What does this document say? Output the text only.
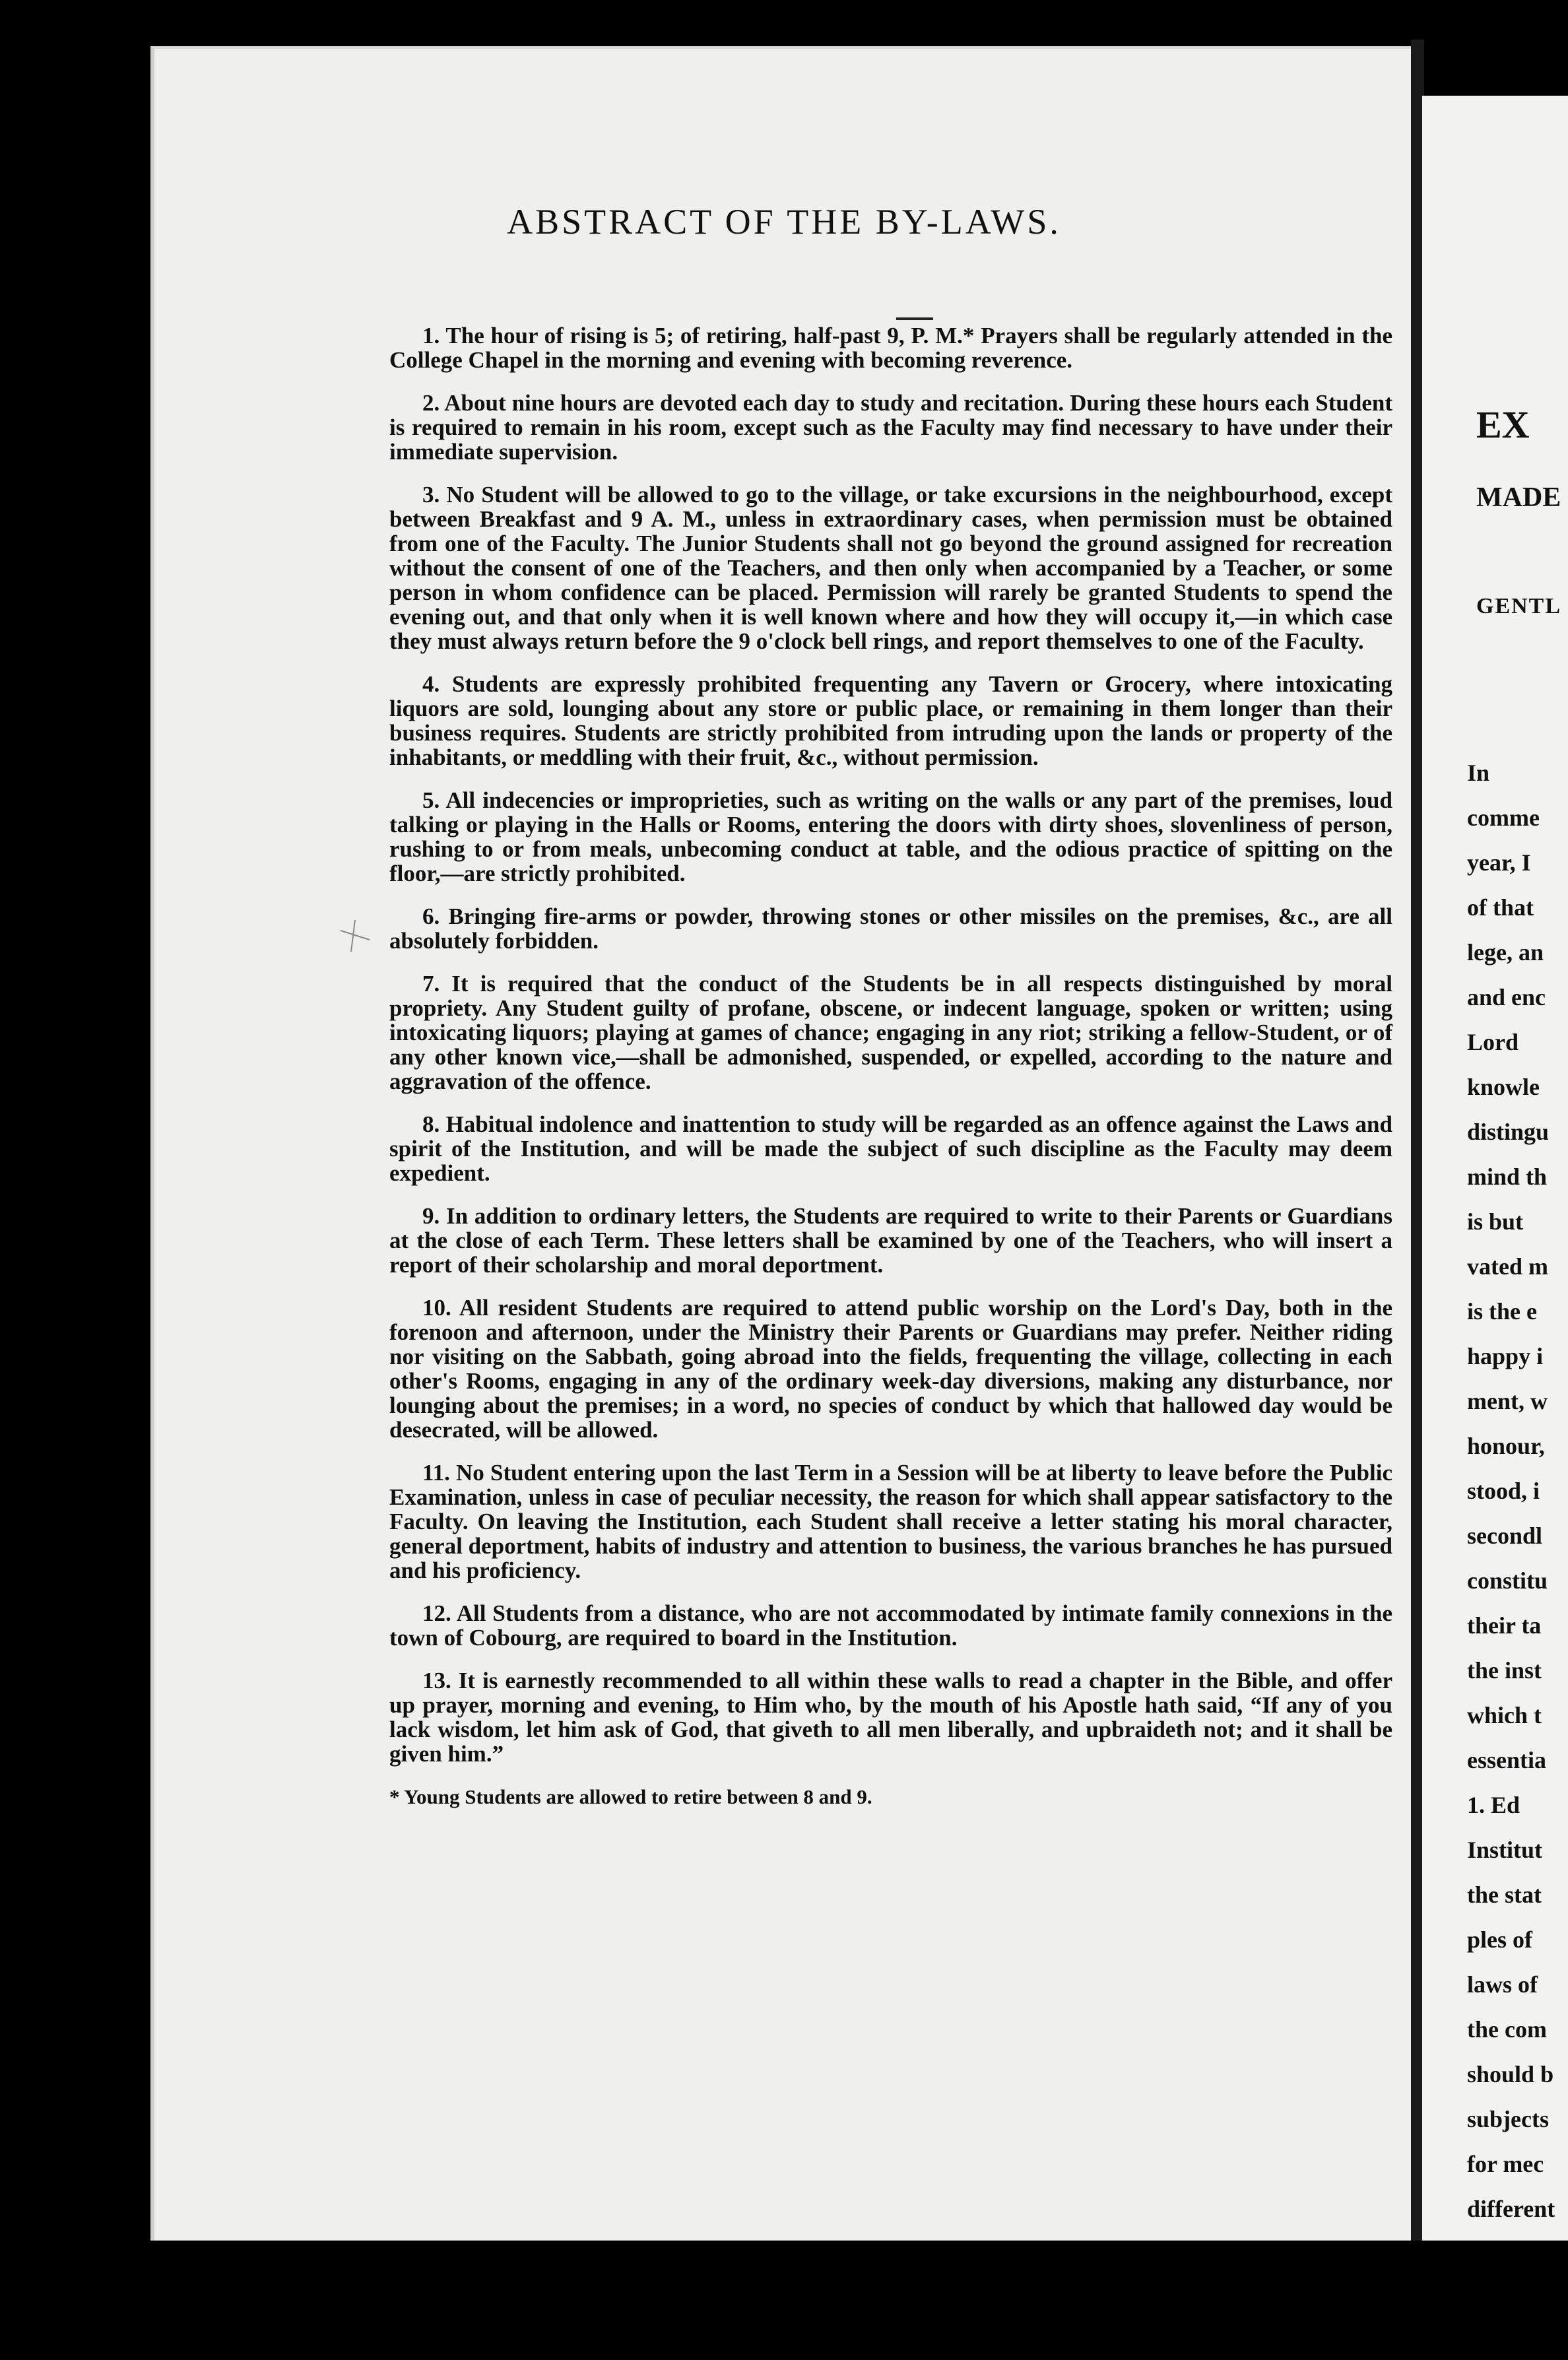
EX
MADE
GENTL
In
comme
year, I
of that
lege, an
and enc
Lord
knowle
distingu
mind th
is but
vated m
is the e
happy i
ment, w
honour,
stood, i
secondl
constitu
their ta
the inst
which t
essentia
1. Ed
Institut
the stat
ples of
laws of
the com
should b
subjects
for mec
different
ABSTRACT OF THE BY-LAWS.

1. The hour of rising is 5; of retiring, half-past 9, P. M.* Prayers shall be regularly attended in the College Chapel in the morning and evening with becoming reverence.

2. About nine hours are devoted each day to study and recitation. During these hours each Student is required to remain in his room, except such as the Faculty may find necessary to have under their immediate supervision.

3. No Student will be allowed to go to the village, or take excursions in the neighbourhood, except between Breakfast and 9 A. M., unless in extraordinary cases, when permission must be obtained from one of the Faculty. The Junior Students shall not go beyond the ground assigned for recreation without the consent of one of the Teachers, and then only when accompanied by a Teacher, or some person in whom confidence can be placed. Permission will rarely be granted Students to spend the evening out, and that only when it is well known where and how they will occupy it,—in which case they must always return before the 9 o'clock bell rings, and report themselves to one of the Faculty.

4. Students are expressly prohibited frequenting any Tavern or Grocery, where intoxicating liquors are sold, lounging about any store or public place, or remaining in them longer than their business requires. Students are strictly prohibited from intruding upon the lands or property of the inhabitants, or meddling with their fruit, &c., without permission.

5. All indecencies or improprieties, such as writing on the walls or any part of the premises, loud talking or playing in the Halls or Rooms, entering the doors with dirty shoes, slovenliness of person, rushing to or from meals, unbecoming conduct at table, and the odious practice of spitting on the floor,—are strictly prohibited.

6. Bringing fire-arms or powder, throwing stones or other missiles on the premises, &c., are all absolutely forbidden.

7. It is required that the conduct of the Students be in all respects distinguished by moral propriety. Any Student guilty of profane, obscene, or indecent language, spoken or written; using intoxicating liquors; playing at games of chance; engaging in any riot; striking a fellow-Student, or of any other known vice,—shall be admonished, suspended, or expelled, according to the nature and aggravation of the offence.

8. Habitual indolence and inattention to study will be regarded as an offence against the Laws and spirit of the Institution, and will be made the subject of such discipline as the Faculty may deem expedient.

9. In addition to ordinary letters, the Students are required to write to their Parents or Guardians at the close of each Term. These letters shall be examined by one of the Teachers, who will insert a report of their scholarship and moral deportment.

10. All resident Students are required to attend public worship on the Lord's Day, both in the forenoon and afternoon, under the Ministry their Parents or Guardians may prefer. Neither riding nor visiting on the Sabbath, going abroad into the fields, frequenting the village, collecting in each other's Rooms, engaging in any of the ordinary week-day diversions, making any disturbance, nor lounging about the premises; in a word, no species of conduct by which that hallowed day would be desecrated, will be allowed.

11. No Student entering upon the last Term in a Session will be at liberty to leave before the Public Examination, unless in case of peculiar necessity, the reason for which shall appear satisfactory to the Faculty. On leaving the Institution, each Student shall receive a letter stating his moral character, general deportment, habits of industry and attention to business, the various branches he has pursued and his proficiency.

12. All Students from a distance, who are not accommodated by intimate family connexions in the town of Cobourg, are required to board in the Institution.

13. It is earnestly recommended to all within these walls to read a chapter in the Bible, and offer up prayer, morning and evening, to Him who, by the mouth of his Apostle hath said, “If any of you lack wisdom, let him ask of God, that giveth to all men liberally, and upbraideth not; and it shall be given him.”

* Young Students are allowed to retire between 8 and 9.
